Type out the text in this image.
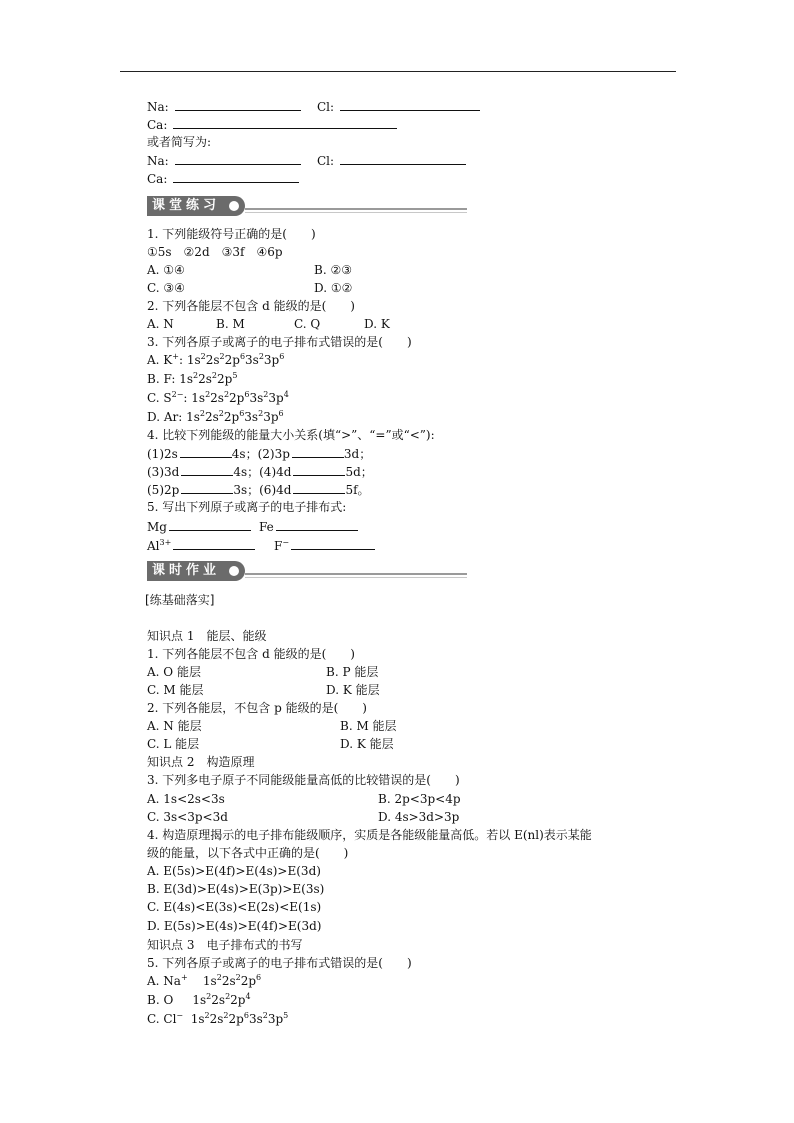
Na:	Cl:
Ca:
或者简写为:
Na:	Cl:
Ca:
课堂练习
1. 下列能级符号正确的是(　　)
①5s　②2d　③3f　④6p
A. ①④	B. ②③
C. ③④	D. ①②
2. 下列各能层不包含 d 能级的是(　　)
A. N	B. M	C. Q	D. K
3. 下列各原子或离子的电子排布式错误的是(　　)
A. K+: $1s^22s^22p^63s^23p^6$
B. F: $1s^22s^22p^5$
C. $S^{2-}$: $1s^22s^22p^63s^23p^4$
D. Ar: $1s^22s^22p^63s^23p^6$
4. 比较下列能级的能量大小关系(填“>”、“=”或“<”):
(1)2s	4s；(2)3p	3d；
(3)3d	4s；(4)4d	5d；
(5)2p	3s；(6)4d	5f。
5. 写出下列原子或离子的电子排布式:
Mg	Fe
$Al^{3+}$	F−
课时作业
[练基础落实]
知识点 1　能层、能级
1. 下列各能层不包含 d 能级的是(　　)
A. O 能层	B. P 能层
C. M 能层	D. K 能层
2. 下列各能层，不包含 p 能级的是(　　)
A. N 能层	B. M 能层
C. L 能层	D. K 能层
知识点 2　构造原理
3. 下列多电子原子不同能级能量高低的比较错误的是(　　)
A. 1s<2s<3s	B. 2p<3p<4p
C. 3s<3p<3d	D. 4s>3d>3p
4. 构造原理揭示的电子排布能级顺序，实质是各能级能量高低。若以 E(nl)表示某能
级的能量，以下各式中正确的是(　　)
A. E(5s)>E(4f)>E(4s)>E(3d)
B. E(3d)>E(4s)>E(3p)>E(3s)
C. E(4s)<E(3s)<E(2s)<E(1s)
D. E(5s)>E(4s)>E(4f)>E(3d)
知识点 3　电子排布式的书写
5. 下列各原子或离子的电子排布式错误的是(　　)
A. Na+    $1s^22s^22p^6$
B. O     $1s^22s^22p^4$
C. Cl−  $1s^22s^22p^63s^23p^5$
